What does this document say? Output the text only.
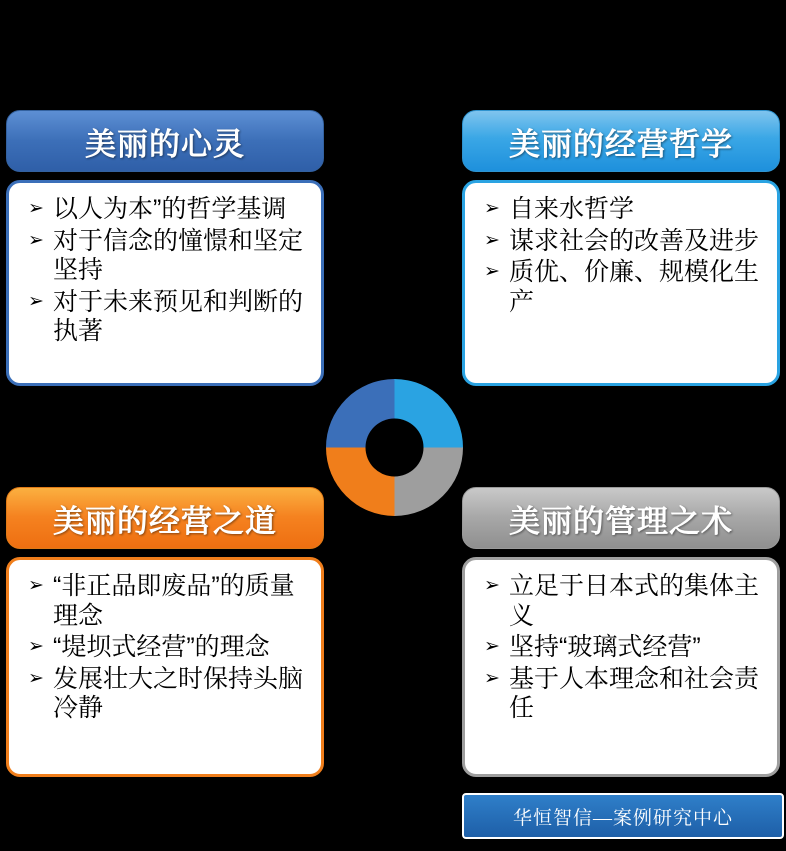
美丽的心灵
➢ 以人为本”的哲学基调
➢ 对于信念的憧憬和坚定坚持
➢ 对于未来预见和判断的执著
美丽的经营哲学
➢ 自来水哲学
➢ 谋求社会的改善及进步
➢ 质优、价廉、规模化生产
美丽的经营之道
➢ “非正品即废品”的质量理念
➢ “堤坝式经营”的理念
➢ 发展壮大之时保持头脑冷静
美丽的管理之术
➢ 立足于日本式的集体主义
➢ 坚持“玻璃式经营”
➢ 基于人本理念和社会责任
华恒智信—案例研究中心
